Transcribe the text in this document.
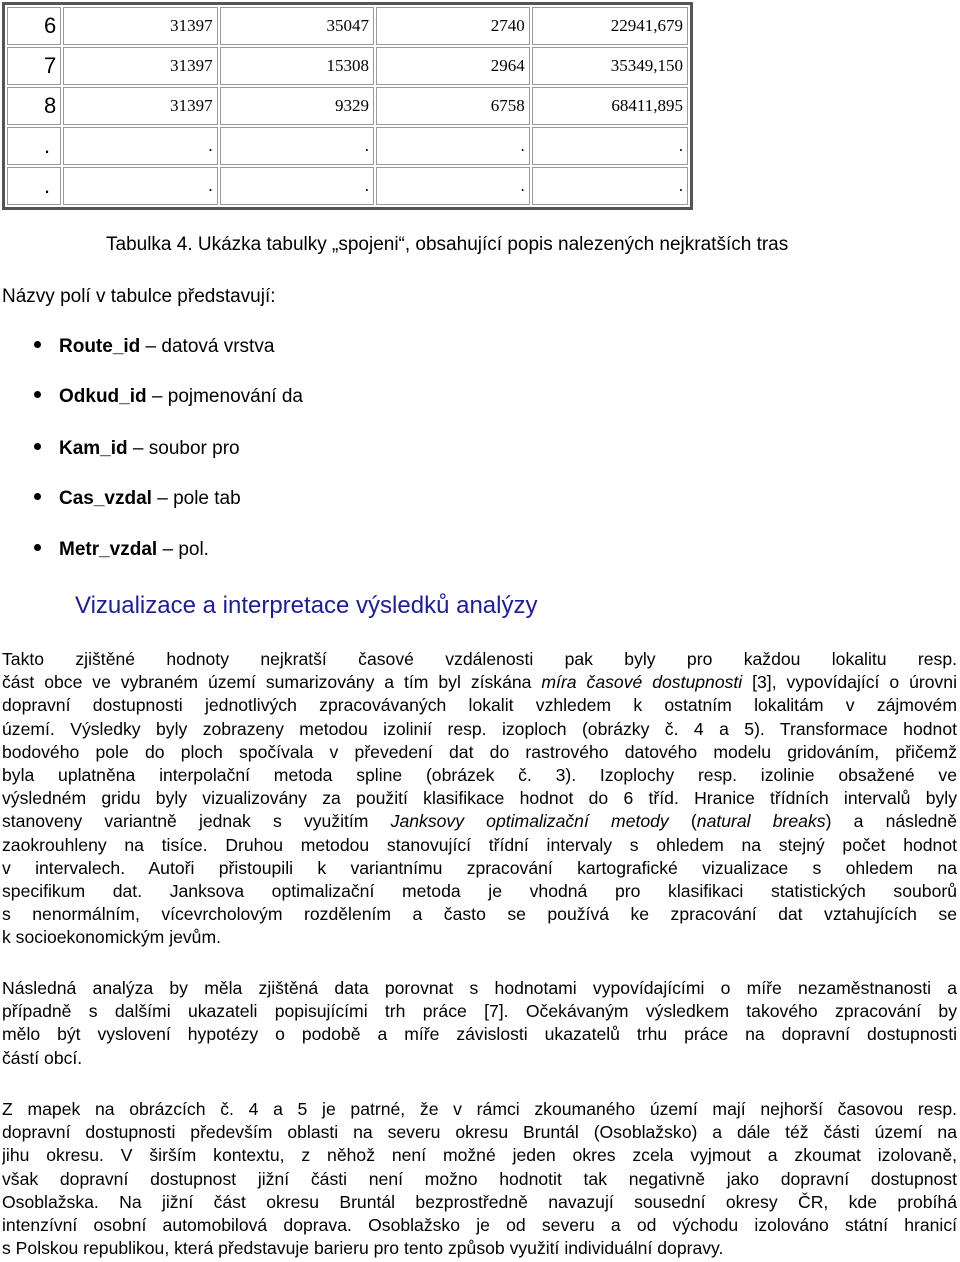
6	31397	35047	2740	22941,679
7	31397	15308	2964	35349,150
8	31397	9329	6758	68411,895
.	.	.	.	.
.	.	.	.	.
Tabulka 4. Ukázka tabulky „spojeni“, obsahující popis nalezených nejkratších tras
Názvy polí v tabulce představují:
Route_id – datová vrstva
Odkud_id – pojmenování da
Kam_id – soubor pro
Cas_vzdal – pole tab
Metr_vzdal – pol.
Vizualizace a interpretace výsledků analýzy
Takto zjištěné hodnoty nejkratší časové vzdálenosti pak byly pro každou lokalitu resp.
část obce ve vybraném území sumarizovány a tím byl získána míra časové dostupnosti [3], vypovídající o úrovni
dopravní dostupnosti jednotlivých zpracovávaných lokalit vzhledem k ostatním lokalitám v zájmovém
území. Výsledky byly zobrazeny metodou izolinií resp. izoploch (obrázky č. 4 a 5). Transformace hodnot
bodového pole do ploch spočívala v převedení dat do rastrového datového modelu gridováním, přičemž
byla uplatněna interpolační metoda spline (obrázek č. 3). Izoplochy resp. izolinie obsažené ve
výsledném gridu byly vizualizovány za použití klasifikace hodnot do 6 tříd. Hranice třídních intervalů byly
stanoveny variantně jednak s využitím Janksovy optimalizační metody (natural breaks) a následně
zaokrouhleny na tisíce. Druhou metodou stanovující třídní intervaly s ohledem na stejný počet hodnot
v intervalech. Autoři přistoupili k variantnímu zpracování kartografické vizualizace s ohledem na
specifikum dat. Janksova optimalizační metoda je vhodná pro klasifikaci statistických souborů
s nenormálním, vícevrcholovým rozdělením a často se používá ke zpracování dat vztahujících se
k socioekonomickým jevům.
Následná analýza by měla zjištěná data porovnat s hodnotami vypovídajícími o míře nezaměstnanosti a
případně s dalšími ukazateli popisujícími trh práce [7]. Očekávaným výsledkem takového zpracování by
mělo být vyslovení hypotézy o podobě a míře závislosti ukazatelů trhu práce na dopravní dostupnosti
částí obcí.
Z mapek na obrázcích č. 4 a 5 je patrné, že v rámci zkoumaného území mají nejhorší časovou resp.
dopravní dostupnosti především oblasti na severu okresu Bruntál (Osoblažsko) a dále též části území na
jihu okresu. V širším kontextu, z něhož není možné jeden okres zcela vyjmout a zkoumat izolovaně,
však dopravní dostupnost jižní části není možno hodnotit tak negativně jako dopravní dostupnost
Osoblažska. Na jižní část okresu Bruntál bezprostředně navazují sousední okresy ČR, kde probíhá
intenzívní osobní automobilová doprava. Osoblažsko je od severu a od východu izolováno státní hranicí
s Polskou republikou, která představuje barieru pro tento způsob využití individuální dopravy.
